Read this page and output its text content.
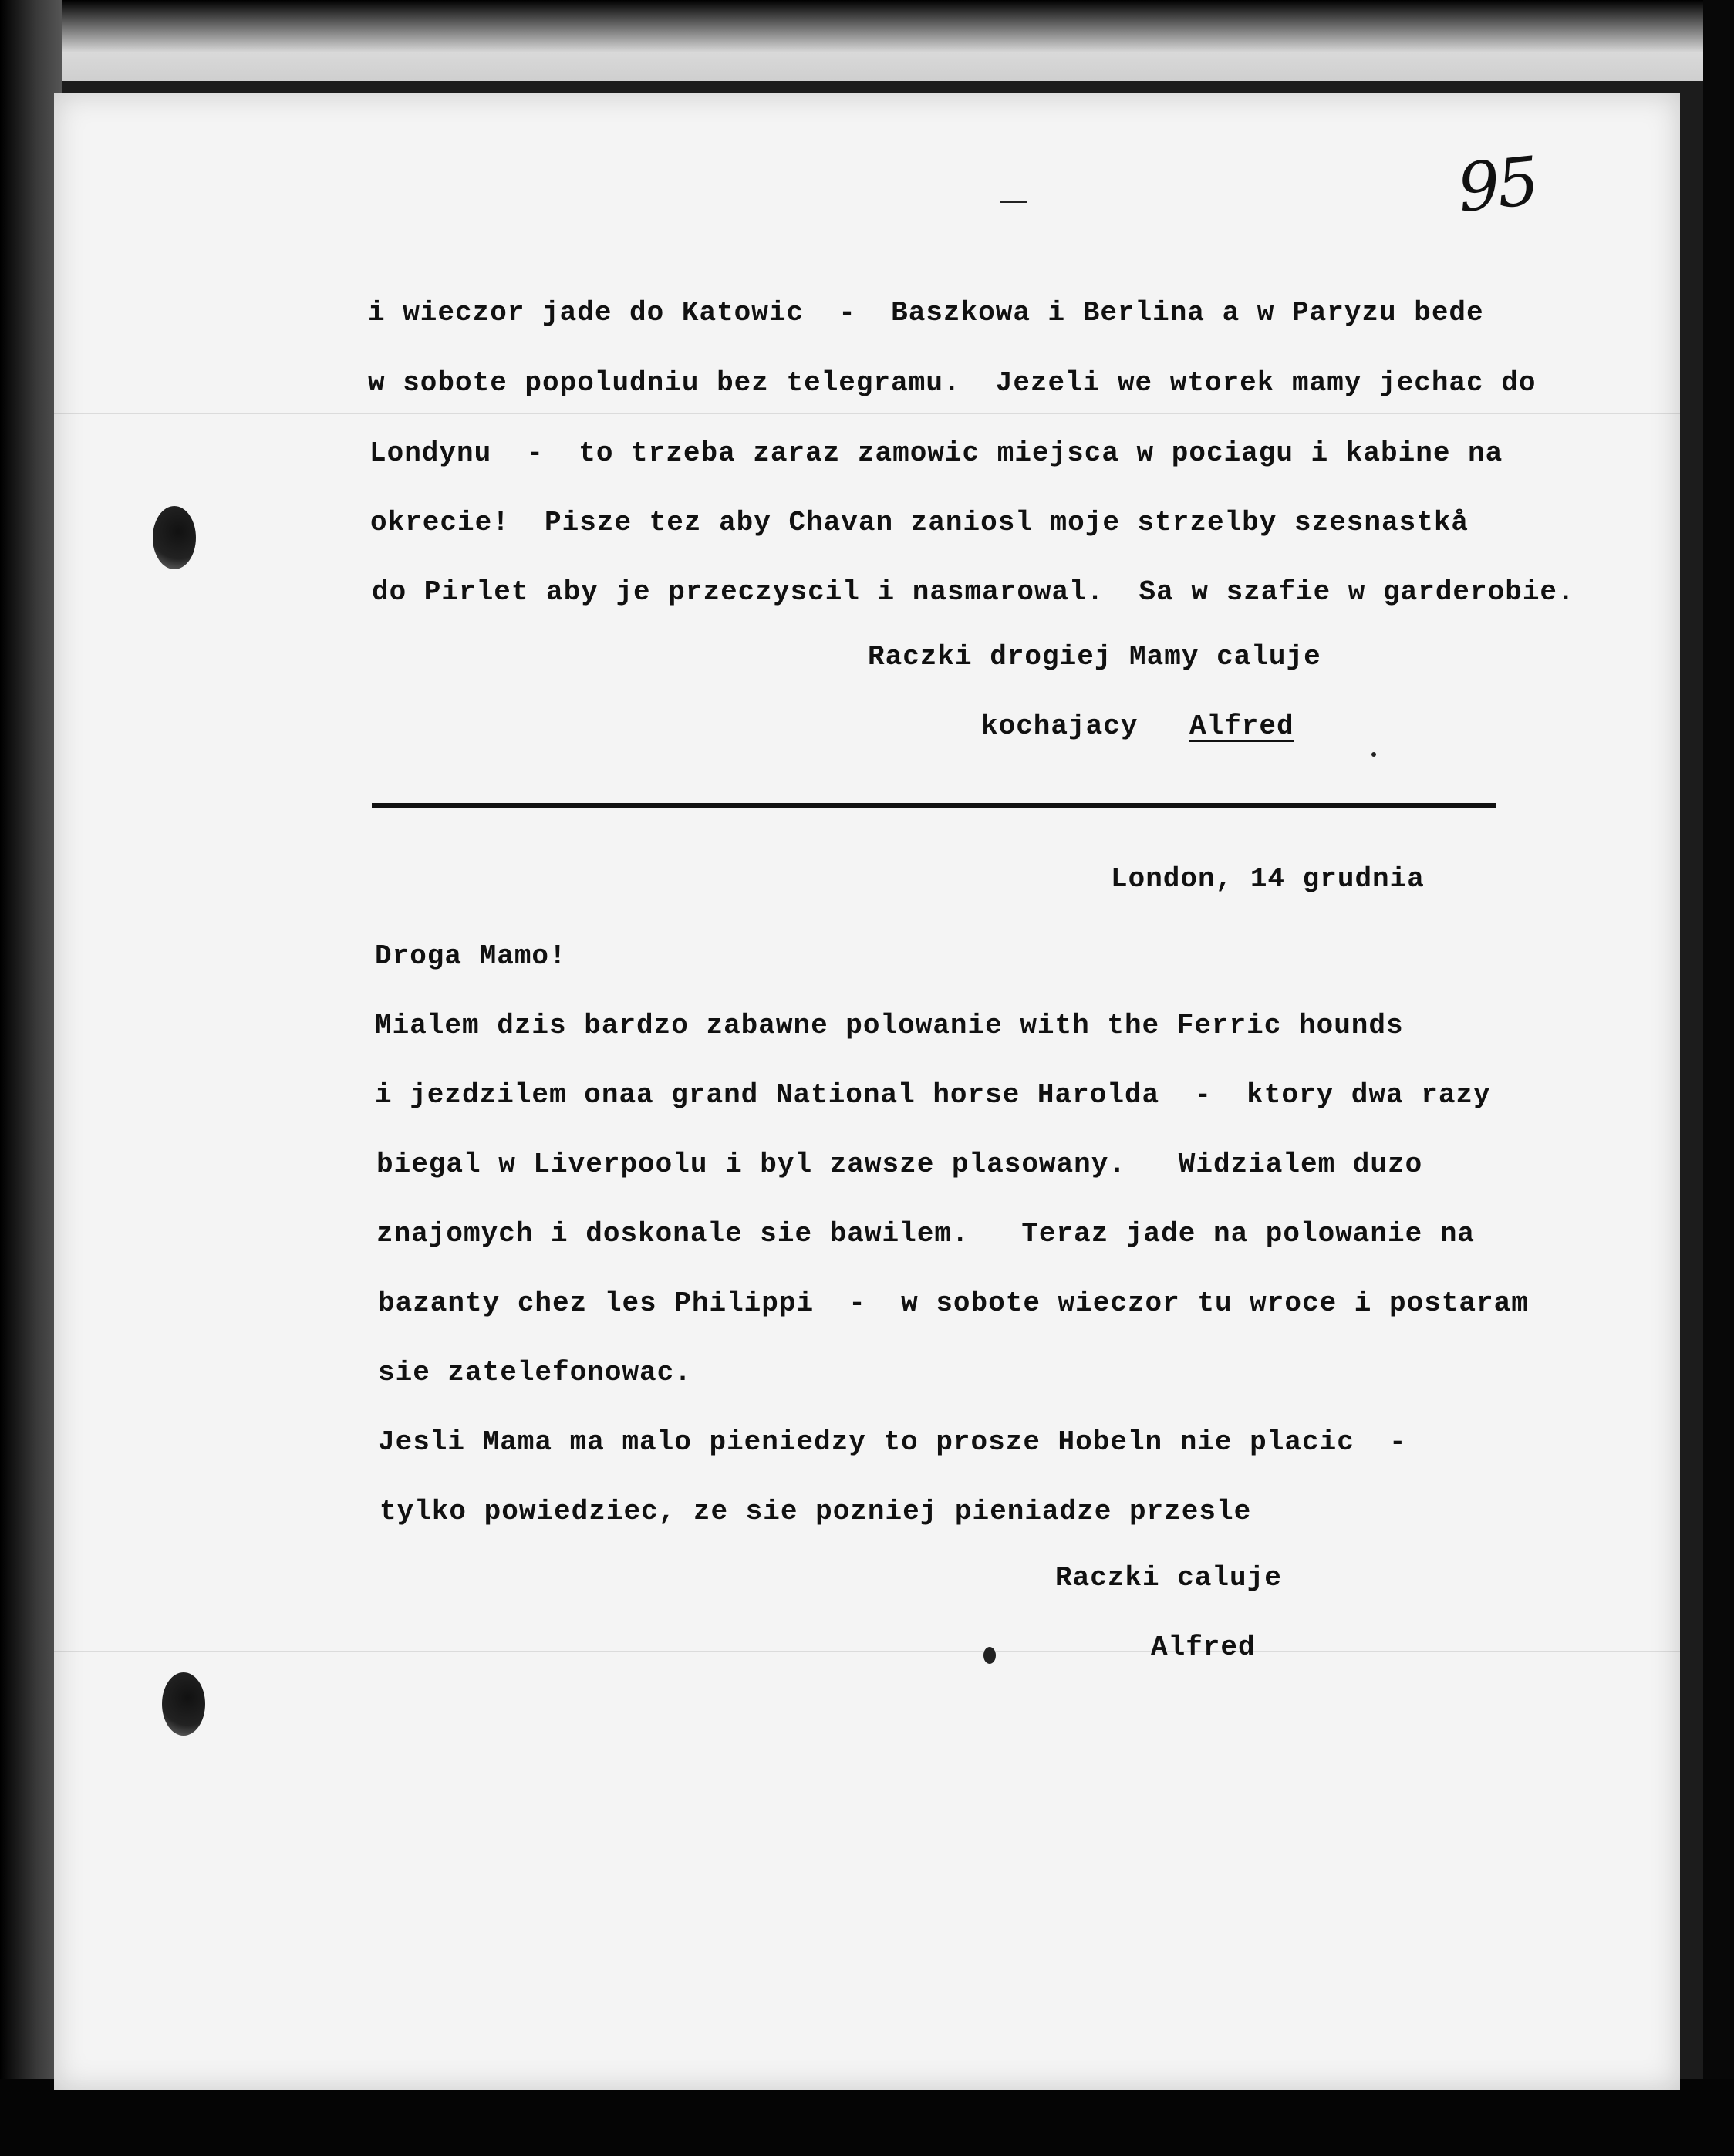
95
i wieczor jade do Katowic  -  Baszkowa i Berlina a w Paryzu bede
w sobote popoludniu bez telegramu.  Jezeli we wtorek mamy jechac do
Londynu  -  to trzeba zaraz zamowic miejsca w pociagu i kabine na
okrecie!  Pisze tez aby Chavan zaniosl moje strzelby szesnastkå
do Pirlet aby je przeczyscil i nasmarowal.  Sa w szafie w garderobie.
Raczki drogiej Mamy caluje
kochajacy Alfred
London, 14 grudnia
Droga Mamo!
Mialem dzis bardzo zabawne polowanie with the Ferric hounds
i jezdzilem onaa grand National horse Harolda  -  ktory dwa razy
biegal w Liverpoolu i byl zawsze plasowany.   Widzialem duzo
znajomych i doskonale sie bawilem.   Teraz jade na polowanie na
bazanty chez les Philippi  -  w sobote wieczor tu wroce i postaram
sie zatelefonowac.
Jesli Mama ma malo pieniedzy to prosze Hobeln nie placic  -
tylko powiedziec, ze sie pozniej pieniadze przesle
Raczki caluje
Alfred
